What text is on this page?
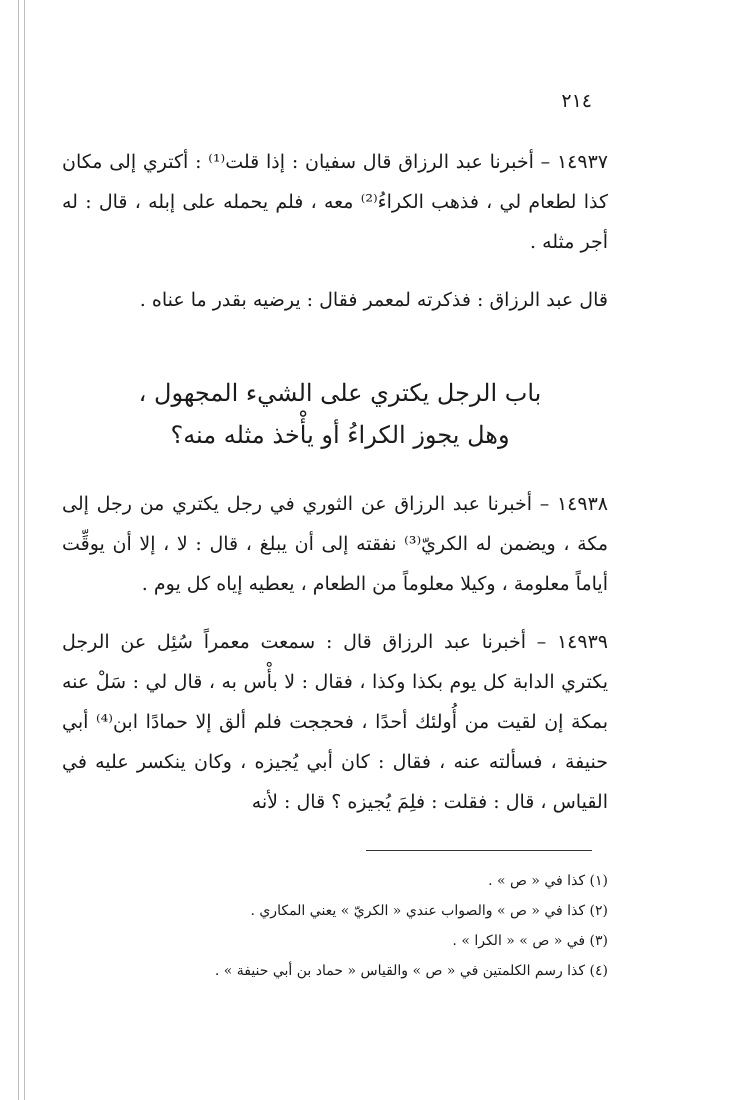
٢١٤

١٤٩٣٧ – أخبرنا عبد الرزاق قال سفيان : إذا قلت⁽¹⁾ : أكتري إلى مكان كذا لطعام لي ، فذهب الكراءُ⁽²⁾ معه ، فلم يحمله على إبله ، قال : له أجر مثله .

قال عبد الرزاق : فذكرته لمعمر فقال : يرضيه بقدر ما عناه .

باب الرجل يكتري على الشيء المجهول ،
وهل يجوز الكراءُ أو يأْخذ مثله منه؟

١٤٩٣٨ – أخبرنا عبد الرزاق عن الثوري في رجل يكتري من رجل إلى مكة ، ويضمن له الكريّ⁽³⁾ نفقته إلى أن يبلغ ، قال : لا ، إلا أن يوقِّت أياماً معلومة ، وكيلا معلوماً من الطعام ، يعطيه إياه كل يوم .

١٤٩٣٩ – أخبرنا عبد الرزاق قال : سمعت معمراً سُئِل عن الرجل يكتري الدابة كل يوم بكذا وكذا ، فقال : لا بأْس به ، قال لي : سَلْ عنه بمكة إن لقيت من أُولئك أحدًا ، فحججت فلم ألق إلا حمادًا ابن⁽⁴⁾ أبي حنيفة ، فسألته عنه ، فقال : كان أبي يُجيزه ، وكان ينكسر عليه في القياس ، قال : فقلت : فلِمَ يُجيزه ؟ قال : لأنه

(١) كذا في « ص » .
(٢) كذا في « ص » والصواب عندي « الكريّ » يعني المكاري .
(٣) في « ص » « الكرا » .
(٤) كذا رسم الكلمتين في « ص » والقياس « حماد بن أبي حنيفة » .
